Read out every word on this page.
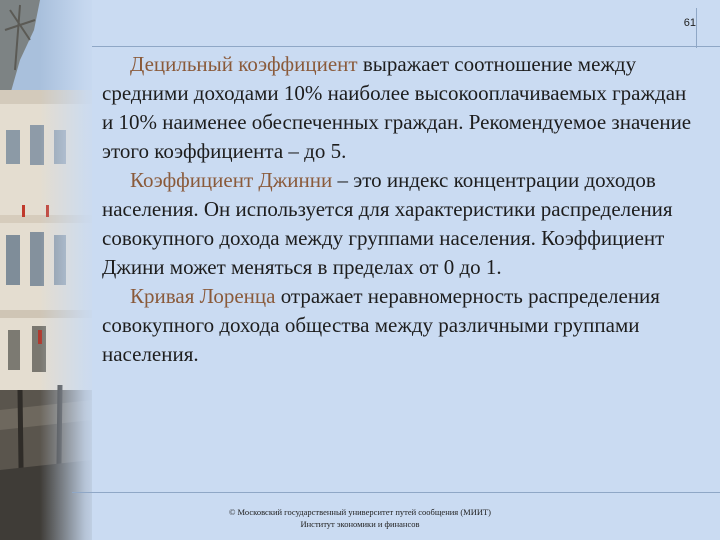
61

Децильный коэффициент выражает соотношение между средними доходами 10% наиболее высокооплачиваемых граждан и 10% наименее обеспеченных граждан. Рекомендуемое значение этого коэффициента – до 5.

Коэффициент Джинни – это индекс концентрации доходов населения. Он используется для характеристики распределения совокупного дохода между группами населения. Коэффициент Джини может меняться в пределах от 0 до 1.

Кривая Лоренца отражает неравномерность распределения совокупного дохода общества между различными группами населения.

© Московский государственный университет путей сообщения (МИИТ)
Институт экономики и финансов
